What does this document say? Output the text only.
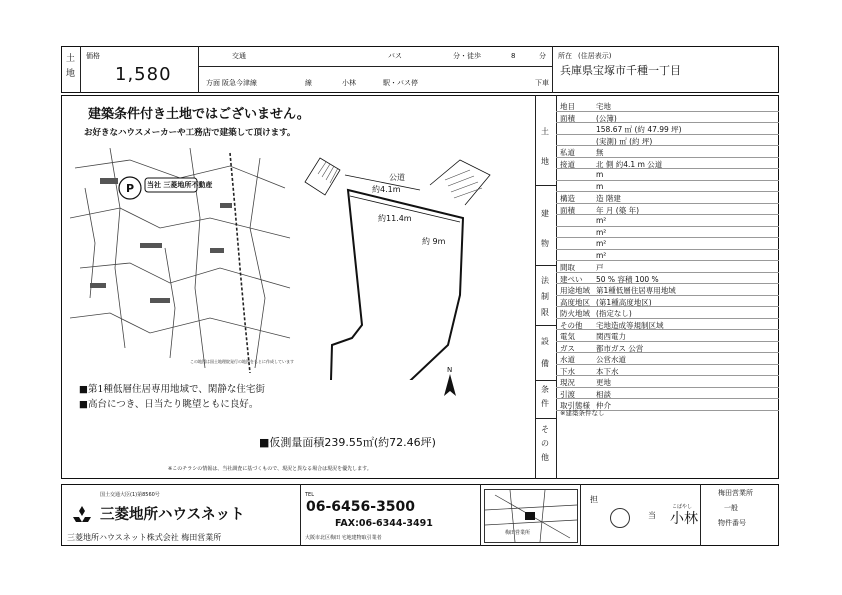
土
地
価格
1,580
交通	バス	分・徒歩	8	分
方面 阪急今津線	線	小林	駅・バス停	下車
所在 (住居表示)
兵庫県宝塚市千種一丁目
建築条件付き土地ではございません。
お好きなハウスメーカーや工務店で建築して頂けます。
P 当社 三菱地所不動産
この地図は国土地理院発行の地図をもとに作成しています
公道
約4.1m
約11.4m
約 9m
N
■第1種低層住居専用地域で、閑静な住宅街
■高台につき、日当たり眺望ともに良好。
■仮測量面積239.55㎡(約72.46坪)
※このチラシの情報は、当社調査に基づくもので、現況と異なる場合は現況を優先します。
土
地
建
物
法
制
限
設
備
条
件
そ
の
他
地目	宅地
面積	(公簿)
158.67 ㎡ (約 47.99 坪)
(実測) ㎡ (約 坪)
私道	無
接道	北 側 約4.1 m 公道
m
m
構造	造 階建
面積	年 月 (築 年)
m²
m²
m²
m²
間取	戸
建ぺい 50 % 容積 100 %
用途地域 第1種低層住居専用地域
高度地区 (第1種高度地区)
防火地域 (指定なし)
その他 宅地造成等規制区域
電気	関西電力
ガス	都市ガス 公営
水道	公営水道
下水	本下水
現況	更地
引渡	相談
取引態様 仲介
※建築条件なし
三菱地所ハウスネット
国土交通大臣(1)第8560号
三菱地所ハウスネット株式会社 梅田営業所
TEL
06-6456-3500
FAX:06-6344-3491
大阪市北区梅田 宅地建物取引業者
梅田営業所
担
当
こばやし
小林
梅田営業所
一般
物件番号
